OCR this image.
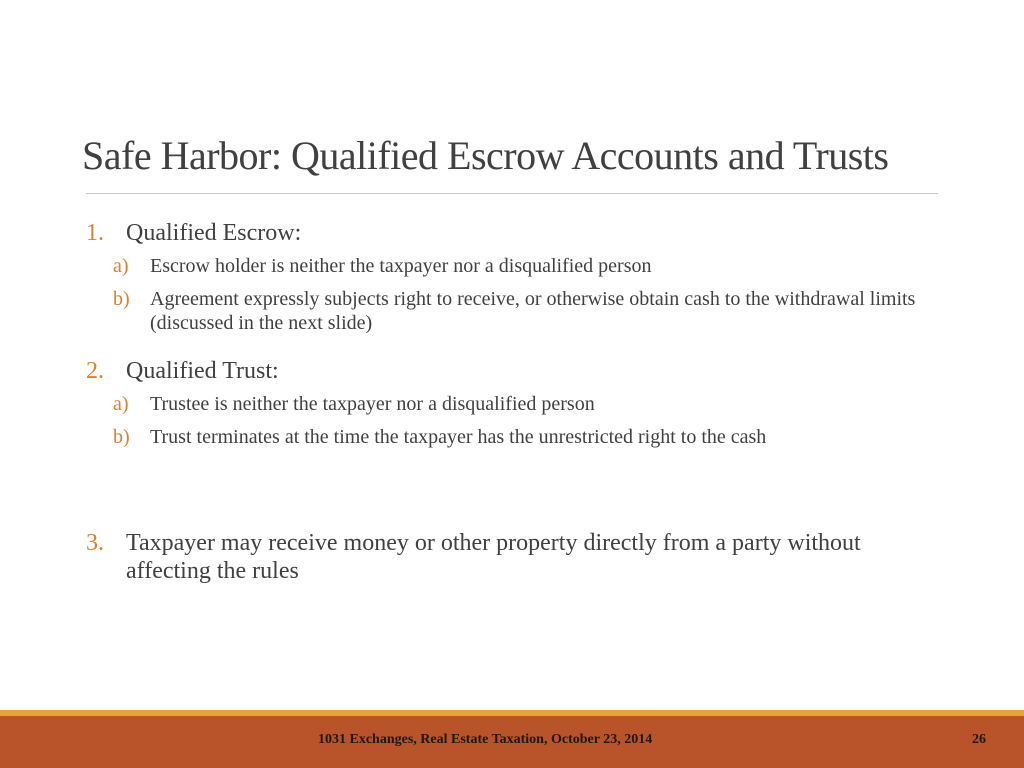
Safe Harbor: Qualified Escrow Accounts and Trusts
1. Qualified Escrow:
a) Escrow holder is neither the taxpayer nor a disqualified person
b) Agreement expressly subjects right to receive, or otherwise obtain cash to the withdrawal limits (discussed in the next slide)
2. Qualified Trust:
a) Trustee is neither the taxpayer nor a disqualified person
b) Trust terminates at the time the taxpayer has the unrestricted right to the cash
3. Taxpayer may receive money or other property directly from a party without affecting the rules
1031 Exchanges, Real Estate Taxation, October 23, 2014	26
